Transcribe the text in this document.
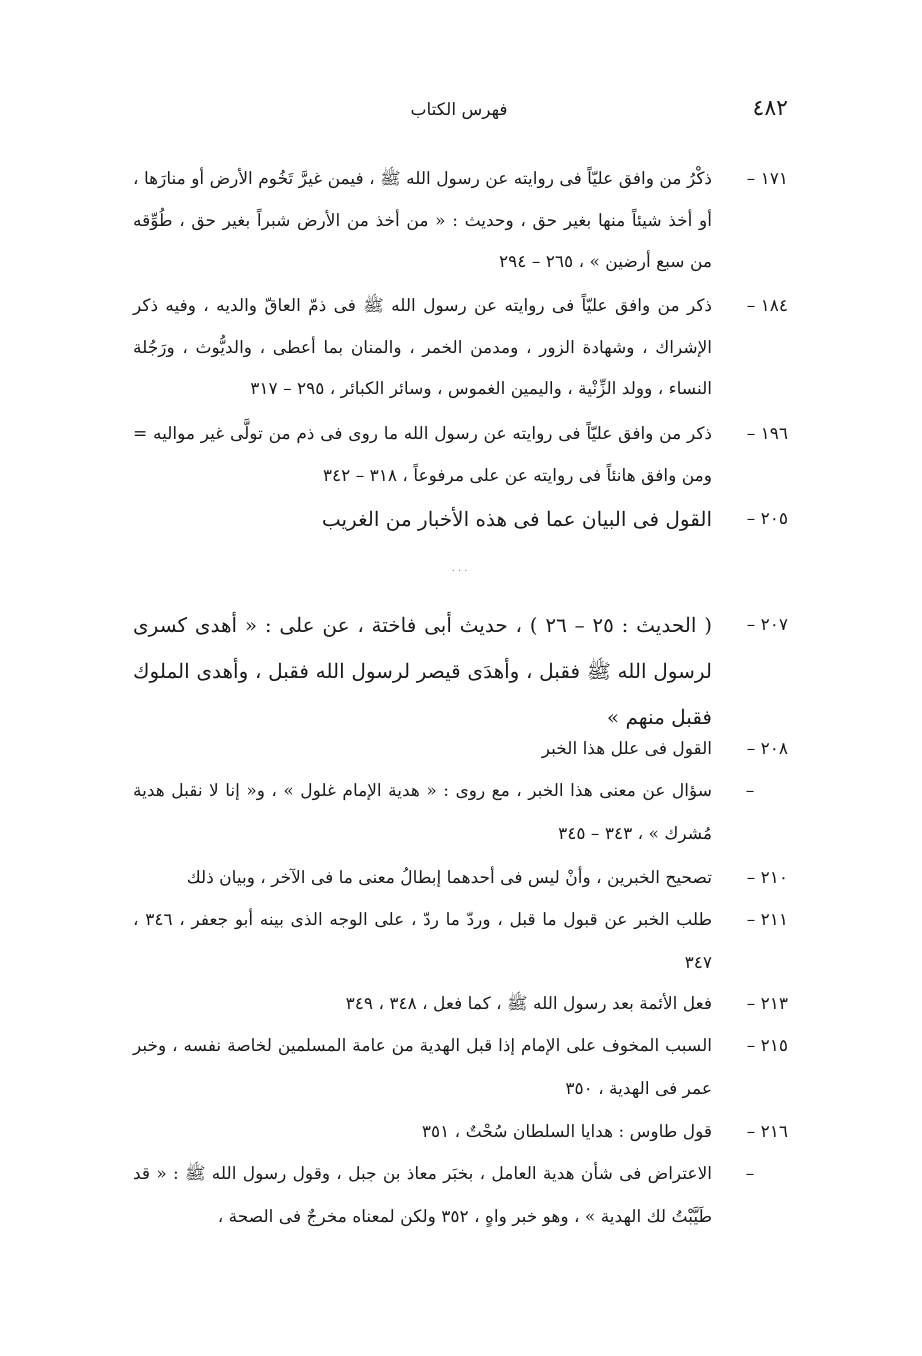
٤٨٢
فهرس الكتاب
١٧١ –
ذكْرُ من وافق عليّاً فى روايته عن رسول الله ﷺ ، فيمن غيرَّ تَخُوم الأرض أو منارَها ، أو أخذ شيئاً منها بغير حق ، وحديث : « من أخذ من الأرض شبراً بغير حق ، طُوِّقه من سبع أرضين » ، ٢٦٥ – ٢٩٤
١٨٤ –
ذكر من وافق عليّاً فى روايته عن رسول الله ﷺ فى ذمّ العاقّ والديه ، وفيه ذكر الإشراك ، وشهادة الزور ، ومدمن الخمر ، والمنان بما أعطى ، والديُّوث ، ورَجُلة النساء ، وولد الزِّنْية ، واليمين الغموس ، وسائر الكبائر ، ٢٩٥ – ٣١٧
١٩٦ –
ذكر من وافق عليّاً فى روايته عن رسول الله ما روى فى ذم من تولَّى غير مواليه = ومن وافق هانئاً فى روايته عن على مرفوعاً ، ٣١٨ – ٣٤٢
٢٠٥ –
القول فى البيان عما فى هذه الأخبار من الغريب
···
٢٠٧ –
( الحديث : ٢٥ – ٢٦ ) ، حديث أبى فاختة ، عن على : « أهدى كسرى لرسول الله ﷺ فقبل ، وأهدَى قيصر لرسول الله فقبل ، وأهدى الملوك فقبل منهم »
٢٠٨ –
القول فى علل هذا الخبر
–
سؤال عن معنى هذا الخبر ، مع روى : « هدية الإمام غلول » ، و« إنا لا نقبل هدية مُشرك » ، ٣٤٣ – ٣٤٥
٢١٠ –
تصحيح الخبرين ، وأنْ ليس فى أحدهما إبطالُ معنى ما فى الآخر ، وبيان ذلك
٢١١ –
طلب الخبر عن قبول ما قبل ، وردّ ما ردّ ، على الوجه الذى بينه أبو جعفر ، ٣٤٦ ، ٣٤٧
٢١٣ –
فعل الأئمة بعد رسول الله ﷺ ، كما فعل ، ٣٤٨ ، ٣٤٩
٢١٥ –
السبب المخوف على الإمام إذا قبل الهدية من عامة المسلمين لخاصة نفسه ، وخبر عمر فى الهدية ، ٣٥٠
٢١٦ –
قول طاوس : هدايا السلطان سُحْتٌ ، ٣٥١
–
الاعتراض فى شأن هدية العامل ، بخبَر معاذ بن جبل ، وقول رسول الله ﷺ : « قد طَيَّبْتُ لك الهدية » ، وهو خبر واهٍ ، ٣٥٢ ولكن لمعناه مخرجٌ فى الصحة ،
